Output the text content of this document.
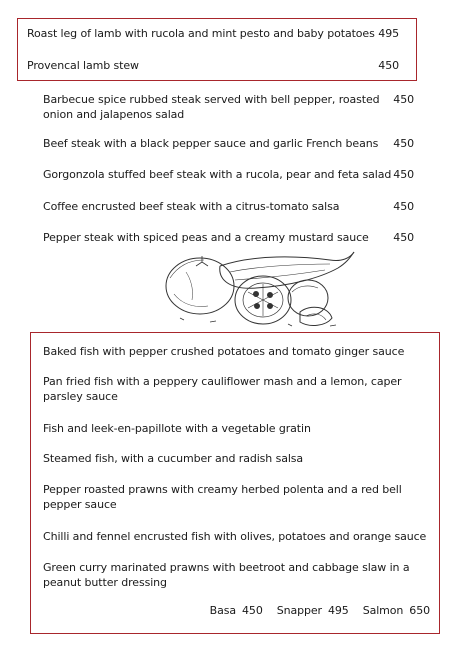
Roast leg of lamb with rucola and mint pesto and baby potatoes 495
Provencal lamb stew	450
Barbecue spice rubbed steak served with bell pepper, roasted
onion and jalapenos salad
450
Beef steak with a black pepper sauce and garlic French beans	450
Gorgonzola stuffed beef steak with a rucola, pear and feta salad 450
Coffee encrusted beef steak with a citrus-tomato salsa	450
Pepper steak with spiced peas and a creamy mustard sauce	450
Baked fish with pepper crushed potatoes and tomato ginger sauce
Pan fried fish with a peppery cauliflower mash and a lemon, caper
parsley sauce
Fish and leek-en-papillote with a vegetable gratin
Steamed fish, with a cucumber and radish salsa
Pepper roasted prawns with creamy herbed polenta and a red bell
pepper sauce
Chilli and fennel encrusted fish with olives, potatoes and orange sauce
Green curry marinated prawns with beetroot and cabbage slaw in a
peanut butter dressing
Basa 450 Snapper 495 Salmon 650
